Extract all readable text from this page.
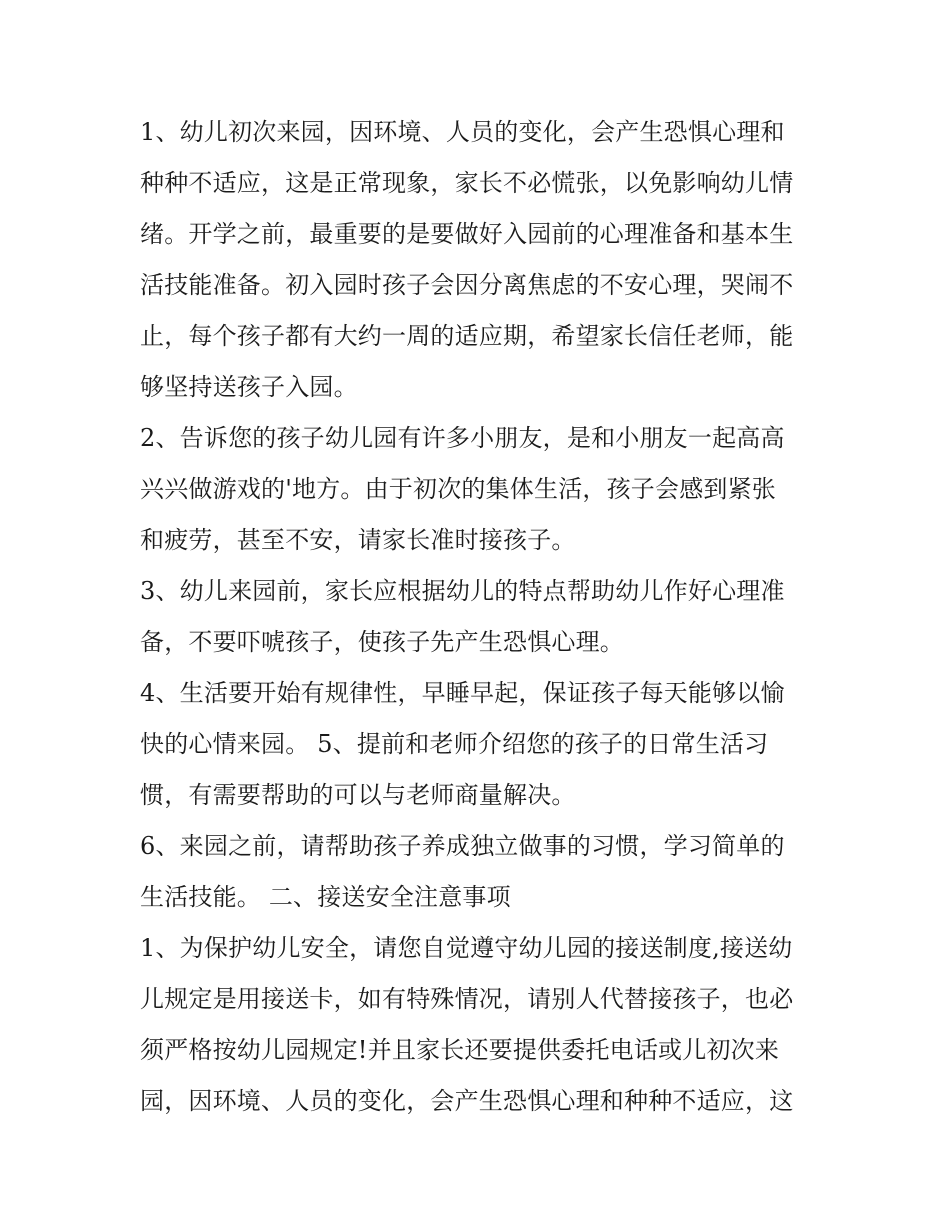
1、幼儿初次来园，因环境、人员的变化，会产生恐惧心理和
种种不适应，这是正常现象，家长不必慌张，以免影响幼儿情
绪。开学之前，最重要的是要做好入园前的心理准备和基本生
活技能准备。初入园时孩子会因分离焦虑的不安心理，哭闹不
止，每个孩子都有大约一周的适应期，希望家长信任老师，能
够坚持送孩子入园。
2、告诉您的孩子幼儿园有许多小朋友，是和小朋友一起高高
兴兴做游戏的'地方。由于初次的集体生活，孩子会感到紧张
和疲劳，甚至不安，请家长准时接孩子。
3、幼儿来园前，家长应根据幼儿的特点帮助幼儿作好心理准
备，不要吓唬孩子，使孩子先产生恐惧心理。
4、生活要开始有规律性，早睡早起，保证孩子每天能够以愉
快的心情来园。 5、提前和老师介绍您的孩子的日常生活习
惯，有需要帮助的可以与老师商量解决。
6、来园之前，请帮助孩子养成独立做事的习惯，学习简单的
生活技能。 二、接送安全注意事项
1、为保护幼儿安全，请您自觉遵守幼儿园的接送制度,接送幼
儿规定是用接送卡，如有特殊情况，请别人代替接孩子，也必
须严格按幼儿园规定!并且家长还要提供委托电话或儿初次来
园，因环境、人员的变化，会产生恐惧心理和种种不适应，这
